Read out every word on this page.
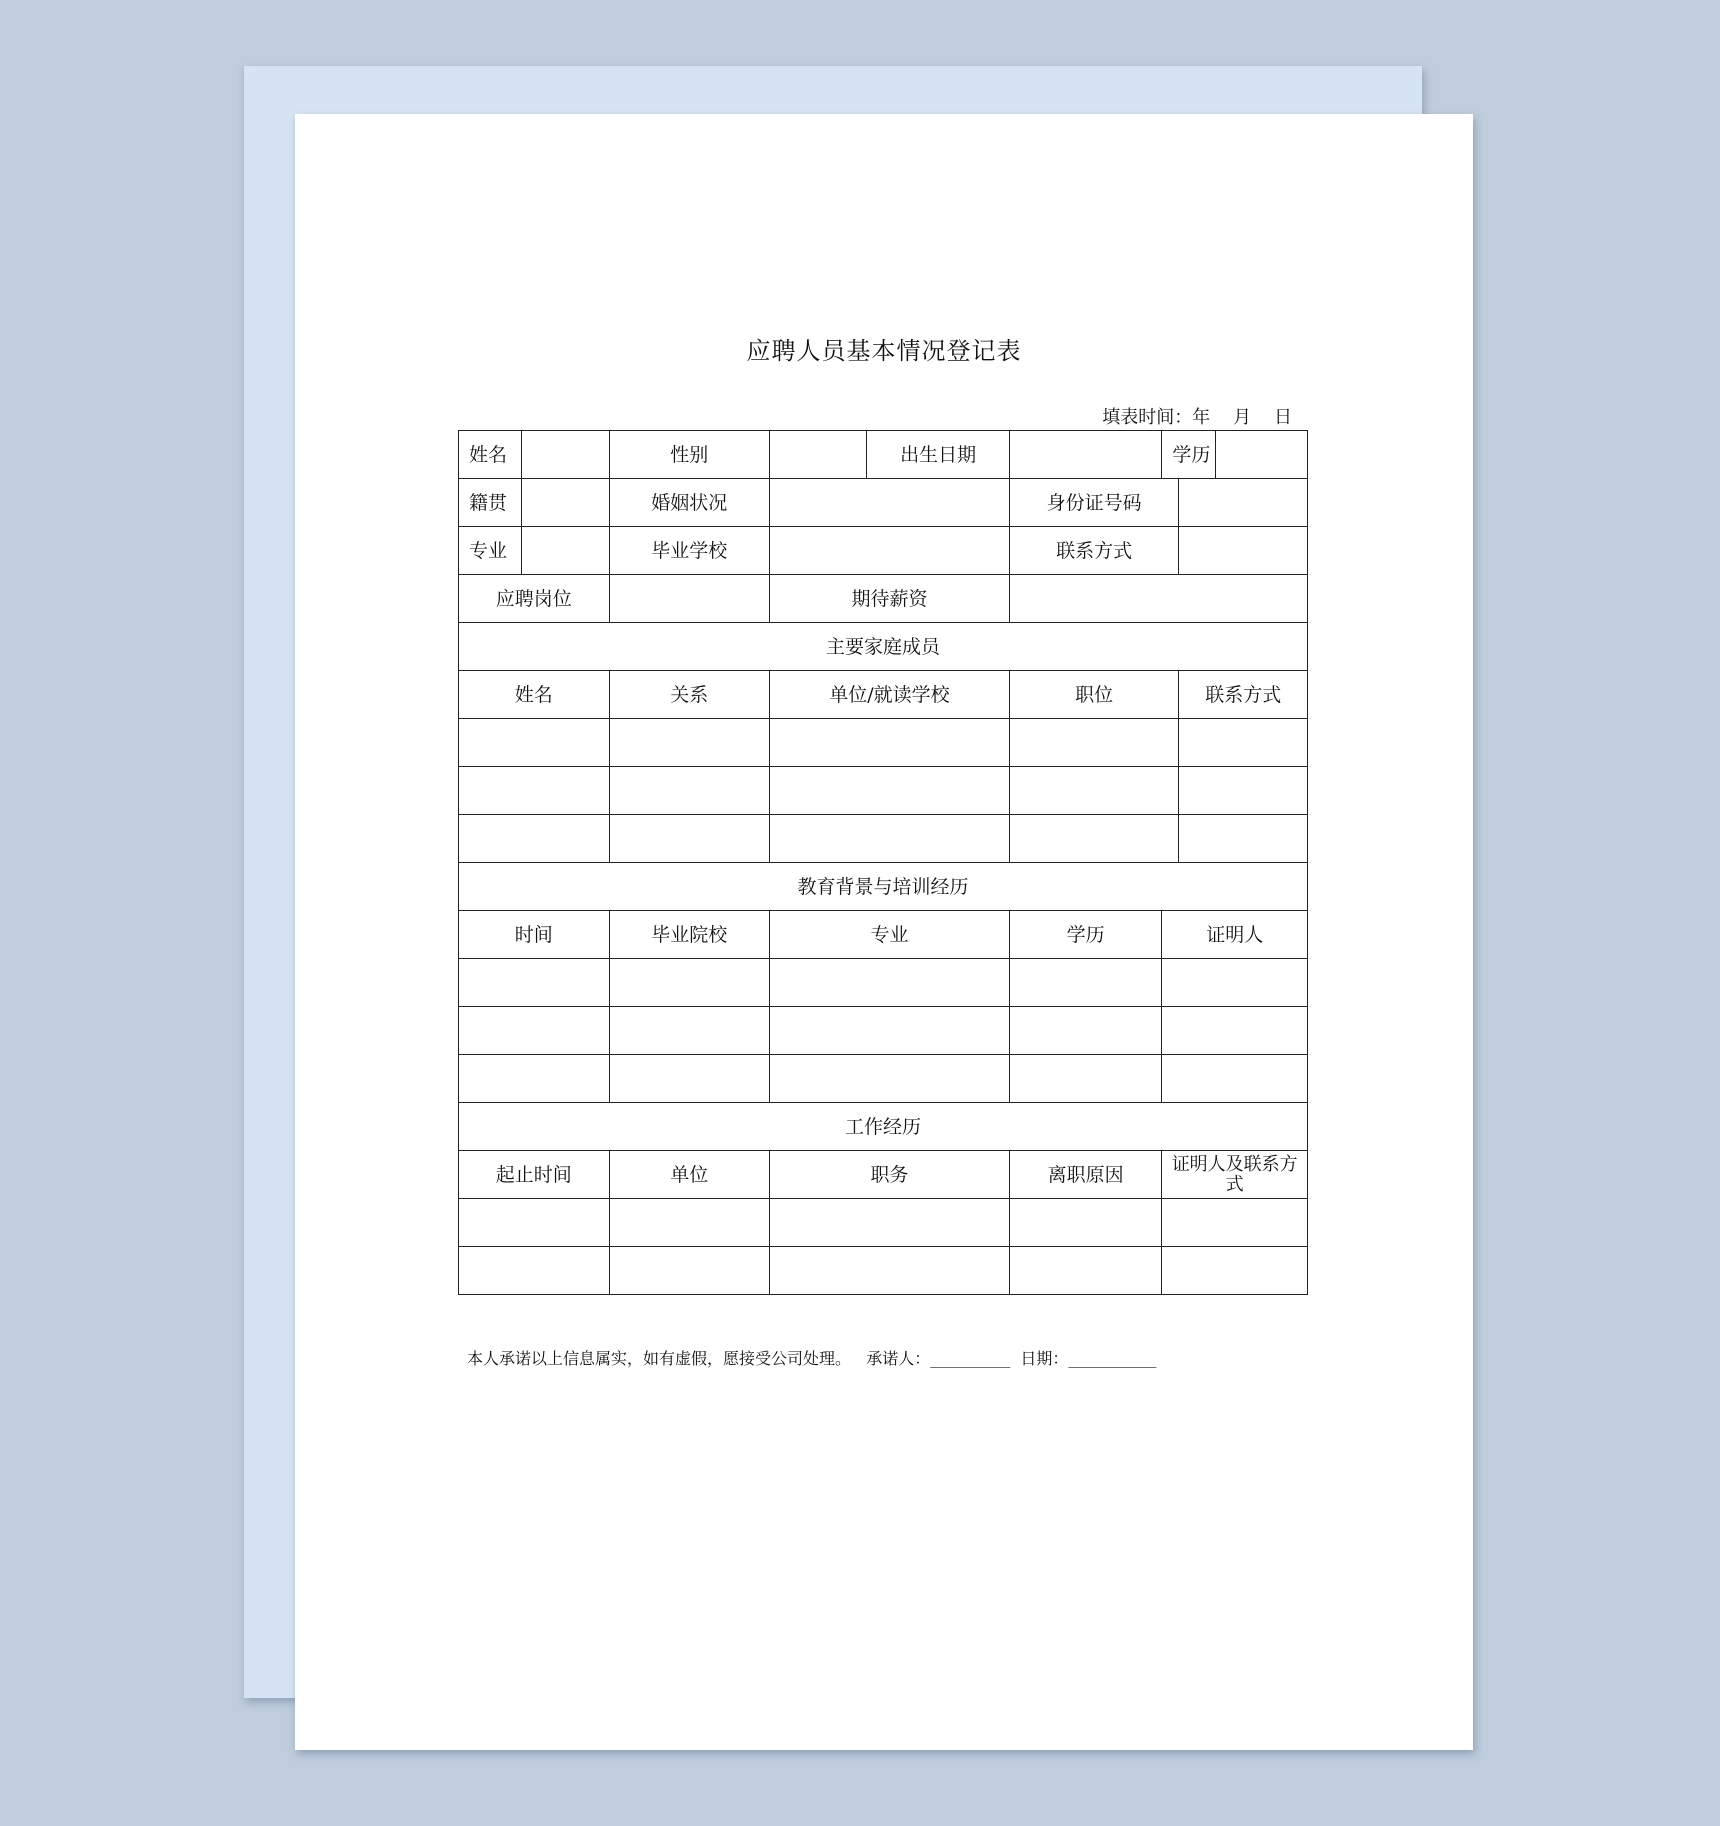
应聘人员基本情况登记表
填表时间：年    月    日
姓名		性别		出生日期		学历		
籍贯		婚姻状况			身份证号码			
专业		毕业学校			联系方式			
应聘岗位			期待薪资					
主要家庭成员								
姓名		关系	单位/就读学校		职位		联系方式	

教育背景与培训经历								
时间		毕业院校	专业		学历	证明人		

工作经历								
起止时间		单位	职务		离职原因	证明人及联系方式		

本人承诺以上信息属实，如有虚假，愿接受公司处理。   承诺人：__________  日期：___________
